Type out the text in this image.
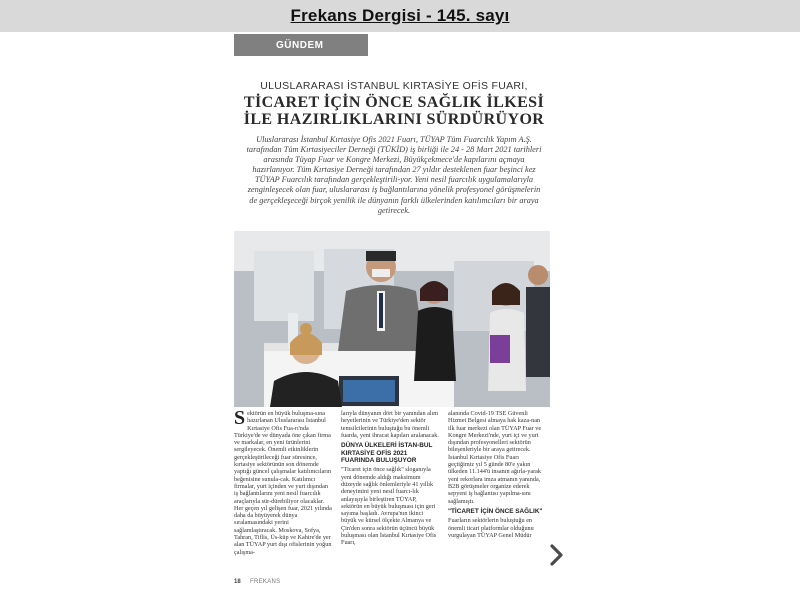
Frekans Dergisi - 145. sayı
GÜNDEM
ULUSLARARASI İSTANBUL KIRTASİYE OFİS FUARI,
TİCARET İÇİN ÖNCE SAĞLIK İLKESİ
İLE HAZIRLIKLARINI SÜRDÜRÜYOR
Uluslararası İstanbul Kırtasiye Ofis 2021 Fuarı, TÜYAP Tüm Fuarcılık Yapım A.Ş. tarafından Tüm Kırtasiyeciler Derneği (TÜKİD) iş birliği ile 24 - 28 Mart 2021 tarihleri arasında Tüyap Fuar ve Kongre Merkezi, Büyükçekmece'de kapılarını açmaya hazırlanıyor. Tüm Kırtasiye Derneği tarafından 27 yıldır desteklenen fuar beşinci kez TÜYAP Fuarcılık tarafından gerçekleştirili-yor. Yeni nesil fuarcılık uygulamalarıyla zenginleşecek olan fuar, uluslararası iş bağlantılarına yönelik profesyonel görüşmelerin de gerçekleşeceği birçok yenilik ile dünyanın farklı ülkelerinden katılımcıları bir araya getirecek.

Sektörün en büyük buluşma-sına hazırlanan Uluslararası İstanbul Kırtasiye Ofis Fua-rı'nda Türkiye'de ve dünyada öne çıkan firma ve markalar, en yeni ürünlerini sergileyecek. Önemli etkinliklerin gerçekleştirileceği fuar süresince, kırtasiye sektörünün son dönemde yaptığı güncel çalışmalar katılımcıların beğenisine sunula-cak. Katılımcı firmalar, yurt içinden ve yurt dışından iş bağlantılarını yeni nesil fuarcılık araçlarıyla sür-dürebiliyor olacaklar. Her geçen yıl gelişen fuar, 2021 yılında daha da büyüyerek dünya sıralamasındaki yerini sağlamlaştıracak. Moskova, Sofya, Tahran, Tiflis, Üs-küp ve Kahire'de yer alan TÜYAP yurt dışı ofislerinin yoğun çalışma-

larıyla dünyanın dört bir yanından alım heyetlerinin ve Türkiye'den sektör temsilcilerinin buluştuğu bu önemli fuarda, yeni ihracat kapıları aralanacak.

DÜNYA ÜLKELERİ İSTAN-BUL KIRTASİYE OFİS 2021 FUARINDA BULUŞUYOR

"Ticaret için önce sağlık" sloganıyla yeni dönemde aldığı maksimum düzeyde sağlık önlemleriyle 41 yıllık deneyimini yeni nesil fuarcı-lık anlayışıyla birleştiren TÜYAP, sektörün en büyük buluşması için geri sayıma başladı. Avrupa'nın ikinci büyük ve kürsel ölçekte Almanya ve Çin'den sonra sektörün üçüncü büyük buluşması olan İstanbul Kırtasiye Ofis Fuarı,

alanında Covid-19 TSE Güvenli Hizmet Belgesi almaya hak kaza-nan ilk fuar merkezi olan TÜYAP Fuar ve Kongre Merkezi'nde, yurt içi ve yurt dışından profesyonelleri sektörün bileşenleriyle bir araya getirecek. İstanbul Kırtasiye Ofis Fuarı geçtiğimiz yıl 5 günde 80'e yakın ülkeden 11.144'ü insanın ağırla-yarak yeni rekorlara imza atmanın yanında, B2B görüşmeler organize ederek sepyeni iş bağlantısı yapılma-sını sağlamıştı.

"TİCARET İÇİN ÖNCE SAĞLIK"

Fuarların sektörlerin buluştuğu en önemli ticari platformlar olduğunu vurgulayan TÜYAP Genel Müdür

18 FREKANS
